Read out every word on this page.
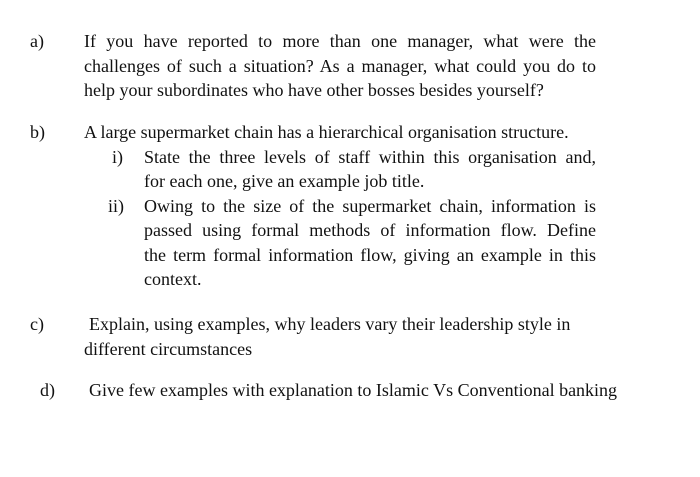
a) If you have reported to more than one manager, what were the
challenges of such a situation? As a manager, what could you do to
help your subordinates who have other bosses besides yourself?
b) A large supermarket chain has a hierarchical organisation structure.
i) State the three levels of staff within this organisation and,
for each one, give an example job title.
ii) Owing to the size of the supermarket chain, information is
passed using formal methods of information flow. Define
the term formal information flow, giving an example in this
context.
c)	Explain, using examples, why leaders vary their leadership style in
different circumstances
d) Give few examples with explanation to Islamic Vs Conventional banking
